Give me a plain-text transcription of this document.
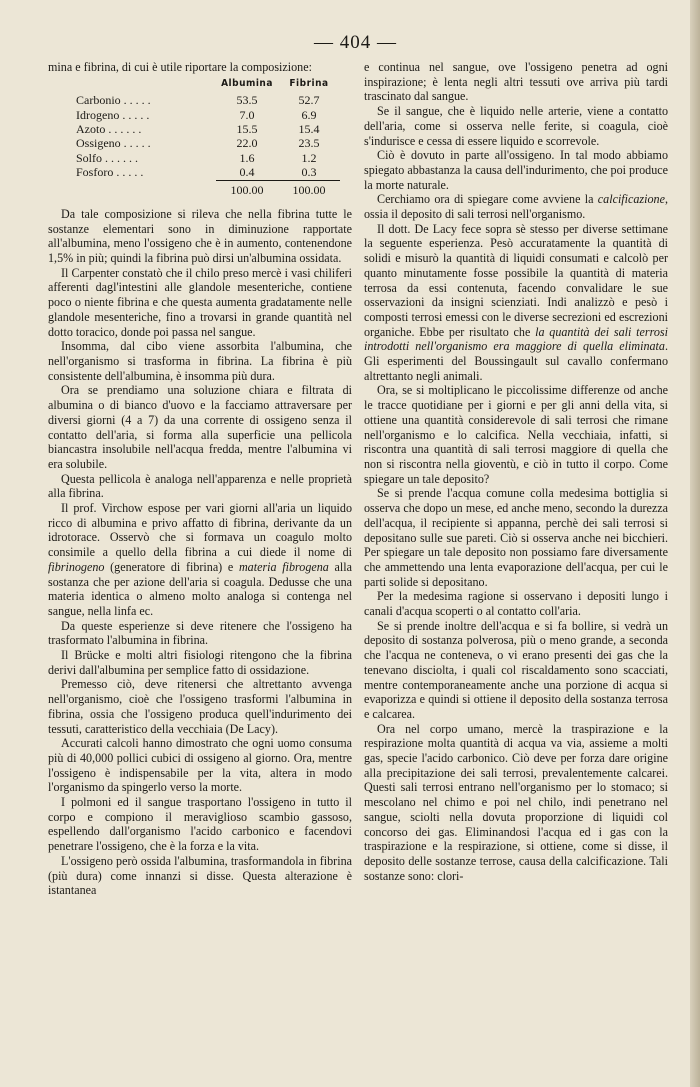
— 404 —

mina e fibrina, di cui è utile riportare la composizione:

	Albumina	Fibrina
Carbonio . . . . .	53.5	52.7
Idrogeno . . . . .	7.0	6.9
Azoto . . . . . .	15.5	15.4
Ossigeno . . . . .	22.0	23.5
Solfo . . . . . .	1.6	1.2
Fosforo . . . . .	0.4	0.3
	100.00	100.00

Da tale composizione si rileva che nella fibrina tutte le sostanze elementari sono in diminuzione rapportate all'albumina, meno l'ossigeno che è in aumento, contenendone 1,5% in più; quindi la fibrina può dirsi un'albumina ossidata.

Il Carpenter constatò che il chilo preso mercè i vasi chiliferi afferenti dagl'intestini alle glandole mesenteriche, contiene poco o niente fibrina e che questa aumenta gradatamente nelle glandole mesenteriche, fino a trovarsi in grande quantità nel dotto toracico, donde poi passa nel sangue.

Insomma, dal cibo viene assorbita l'albumina, che nell'organismo si trasforma in fibrina. La fibrina è più consistente dell'albumina, è insomma più dura.

Ora se prendiamo una soluzione chiara e filtrata di albumina o di bianco d'uovo e la facciamo attraversare per diversi giorni (4 a 7) da una corrente di ossigeno senza il contatto dell'aria, si forma alla superficie una pellicola biancastra insolubile nell'acqua fredda, mentre l'albumina vi era solubile.

Questa pellicola è analoga nell'apparenza e nelle proprietà alla fibrina.

Il prof. Virchow espose per vari giorni all'aria un liquido ricco di albumina e privo affatto di fibrina, derivante da un idrotorace. Osservò che si formava un coagulo molto consimile a quello della fibrina a cui diede il nome di fibrinogeno (generatore di fibrina) e materia fibrogena alla sostanza che per azione dell'aria si coagula. Dedusse che una materia identica o almeno molto analoga si contenga nel sangue, nella linfa ec.

Da queste esperienze si deve ritenere che l'ossigeno ha trasformato l'albumina in fibrina.

Il Brücke e molti altri fisiologi ritengono che la fibrina derivi dall'albumina per semplice fatto di ossidazione.

Premesso ciò, deve ritenersi che altrettanto avvenga nell'organismo, cioè che l'ossigeno trasformi l'albumina in fibrina, ossia che l'ossigeno produca quell'indurimento dei tessuti, caratteristico della vecchiaia (De Lacy).

Accurati calcoli hanno dimostrato che ogni uomo consuma più di 40,000 pollici cubici di ossigeno al giorno. Ora, mentre l'ossigeno è indispensabile per la vita, altera in modo l'organismo da spingerlo verso la morte.

I polmoni ed il sangue trasportano l'ossigeno in tutto il corpo e compiono il meraviglioso scambio gassoso, espellendo dall'organismo l'acido carbonico e facendovi penetrare l'ossigeno, che è la forza e la vita.

L'ossigeno però ossida l'albumina, trasformandola in fibrina (più dura) come innanzi si disse. Questa alterazione è istantanea

e continua nel sangue, ove l'ossigeno penetra ad ogni inspirazione; è lenta negli altri tessuti ove arriva più tardi trascinato dal sangue.

Se il sangue, che è liquido nelle arterie, viene a contatto dell'aria, come si osserva nelle ferite, si coagula, cioè s'indurisce e cessa di essere liquido e scorrevole.

Ciò è dovuto in parte all'ossigeno. In tal modo abbiamo spiegato abbastanza la causa dell'indurimento, che poi produce la morte naturale.

Cerchiamo ora di spiegare come avviene la calcificazione, ossia il deposito di sali terrosi nell'organismo.

Il dott. De Lacy fece sopra sè stesso per diverse settimane la seguente esperienza. Pesò accuratamente la quantità di solidi e misurò la quantità di liquidi consumati e calcolò per quanto minutamente fosse possibile la quantità di materia terrosa da essi contenuta, facendo convalidare le sue osservazioni da insigni scienziati. Indi analizzò e pesò i composti terrosi emessi con le diverse secrezioni ed escrezioni organiche. Ebbe per risultato che la quantità dei sali terrosi introdotti nell'organismo era maggiore di quella eliminata. Gli esperimenti del Boussingault sul cavallo confermano altrettanto negli animali.

Ora, se si moltiplicano le piccolissime differenze od anche le tracce quotidiane per i giorni e per gli anni della vita, si ottiene una quantità considerevole di sali terrosi che rimane nell'organismo e lo calcifica. Nella vecchiaia, infatti, si riscontra una quantità di sali terrosi maggiore di quella che non si riscontra nella gioventù, e ciò in tutto il corpo. Come spiegare un tale deposito?

Se si prende l'acqua comune colla medesima bottiglia si osserva che dopo un mese, ed anche meno, secondo la durezza dell'acqua, il recipiente si appanna, perchè dei sali terrosi si depositano sulle sue pareti. Ciò si osserva anche nei bicchieri. Per spiegare un tale deposito non possiamo fare diversamente che ammettendo una lenta evaporazione dell'acqua, per cui le parti solide si depositano.

Per la medesima ragione si osservano i depositi lungo i canali d'acqua scoperti o al contatto coll'aria.

Se si prende inoltre dell'acqua e si fa bollire, si vedrà un deposito di sostanza polverosa, più o meno grande, a seconda che l'acqua ne conteneva, o vi erano presenti dei gas che la tenevano disciolta, i quali col riscaldamento sono scacciati, mentre contemporaneamente anche una porzione di acqua si evaporizza e quindi si ottiene il deposito della sostanza terrosa e calcarea.

Ora nel corpo umano, mercè la traspirazione e la respirazione molta quantità di acqua va via, assieme a molti gas, specie l'acido carbonico. Ciò deve per forza dare origine alla precipitazione dei sali terrosi, prevalentemente calcarei. Questi sali terrosi entrano nell'organismo per lo stomaco; si mescolano nel chimo e poi nel chilo, indi penetrano nel sangue, sciolti nella dovuta proporzione di liquidi col concorso dei gas. Eliminandosi l'acqua ed i gas con la traspirazione e la respirazione, si ottiene, come si disse, il deposito delle sostanze terrose, causa della calcificazione. Tali sostanze sono: clori-
